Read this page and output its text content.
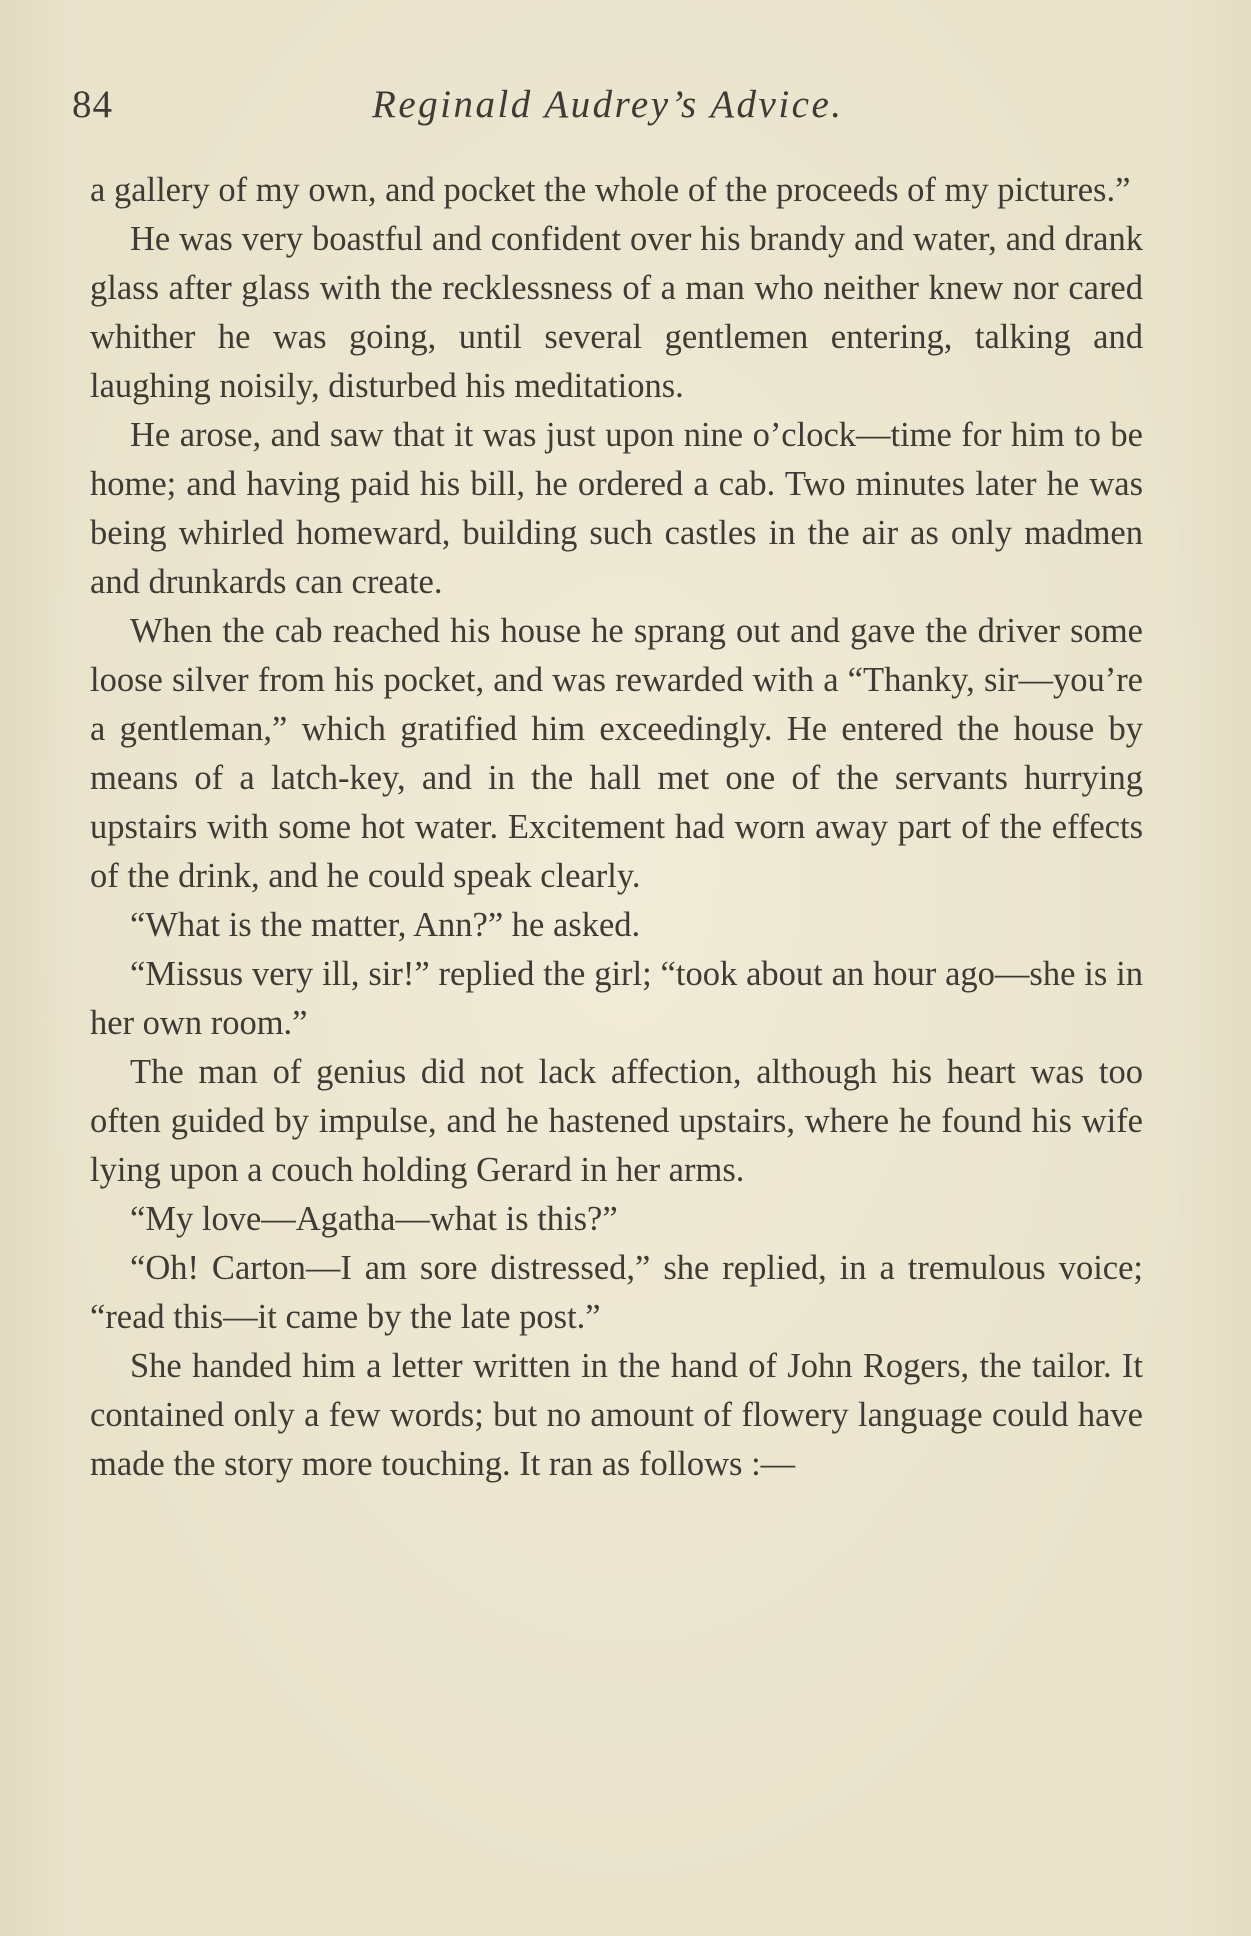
84	Reginald Audrey’s Advice.

a gallery of my own, and pocket the whole of the proceeds of my pictures.”

He was very boastful and confident over his brandy and water, and drank glass after glass with the recklessness of a man who neither knew nor cared whither he was going, until several gentlemen entering, talking and laughing noisily, disturbed his meditations.

He arose, and saw that it was just upon nine o’clock—time for him to be home; and having paid his bill, he ordered a cab. Two minutes later he was being whirled homeward, building such castles in the air as only madmen and drunkards can create.

When the cab reached his house he sprang out and gave the driver some loose silver from his pocket, and was rewarded with a “Thanky, sir—you’re a gentleman,” which gratified him exceedingly. He entered the house by means of a latch-key, and in the hall met one of the servants hurrying upstairs with some hot water. Excitement had worn away part of the effects of the drink, and he could speak clearly.

“What is the matter, Ann?” he asked.

“Missus very ill, sir!” replied the girl; “took about an hour ago—she is in her own room.”

The man of genius did not lack affection, although his heart was too often guided by impulse, and he hastened upstairs, where he found his wife lying upon a couch holding Gerard in her arms.

“My love—Agatha—what is this?”

“Oh! Carton—I am sore distressed,” she replied, in a tremulous voice; “read this—it came by the late post.”

She handed him a letter written in the hand of John Rogers, the tailor. It contained only a few words; but no amount of flowery language could have made the story more touching. It ran as follows :—
